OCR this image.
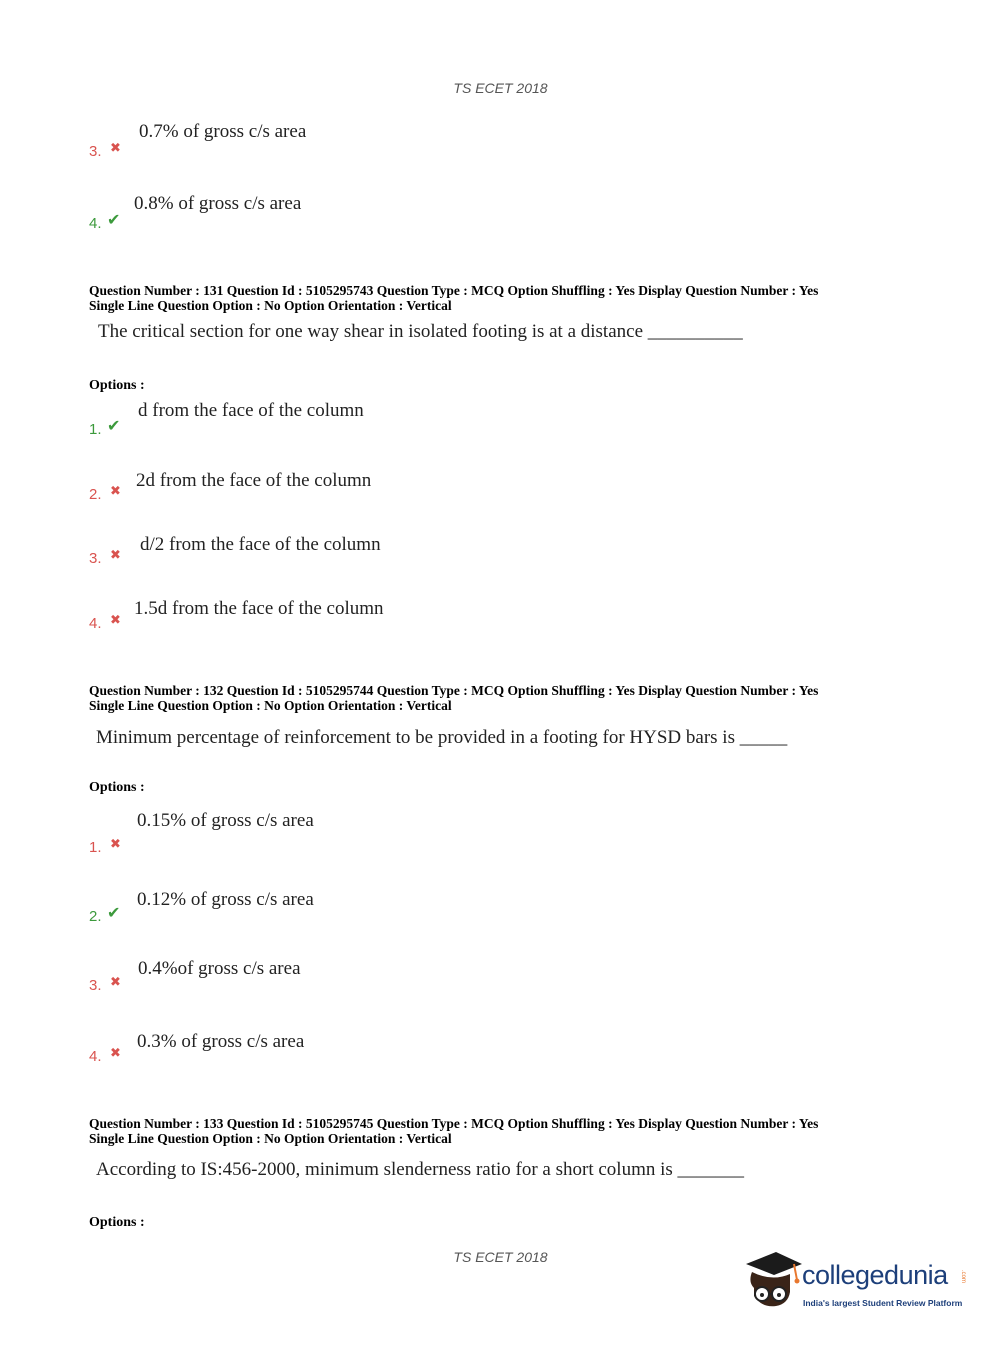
TS ECET 2018
3. ✖
0.7% of gross c/s area
4. ✔
0.8% of gross c/s area
Question Number : 131 Question Id : 5105295743 Question Type : MCQ Option Shuffling : Yes Display Question Number : Yes
Single Line Question Option : No Option Orientation : Vertical
The critical section for one way shear in isolated footing is at a distance __________
Options :
1. ✔
d from the face of the column
2. ✖
2d from the face of the column
3. ✖
d/2 from the face of the column
4. ✖
1.5d from the face of the column
Question Number : 132 Question Id : 5105295744 Question Type : MCQ Option Shuffling : Yes Display Question Number : Yes
Single Line Question Option : No Option Orientation : Vertical
Minimum percentage of reinforcement to be provided in a footing for HYSD bars is _____
Options :
1. ✖
0.15% of gross c/s area
2. ✔
0.12% of gross c/s area
3. ✖
0.4%of gross c/s area
4. ✖
0.3% of gross c/s area
Question Number : 133 Question Id : 5105295745 Question Type : MCQ Option Shuffling : Yes Display Question Number : Yes
Single Line Question Option : No Option Orientation : Vertical
According to IS:456-2000, minimum slenderness ratio for a short column is _______
Options :
TS ECET 2018
collegedunia .com
India's largest Student Review Platform
